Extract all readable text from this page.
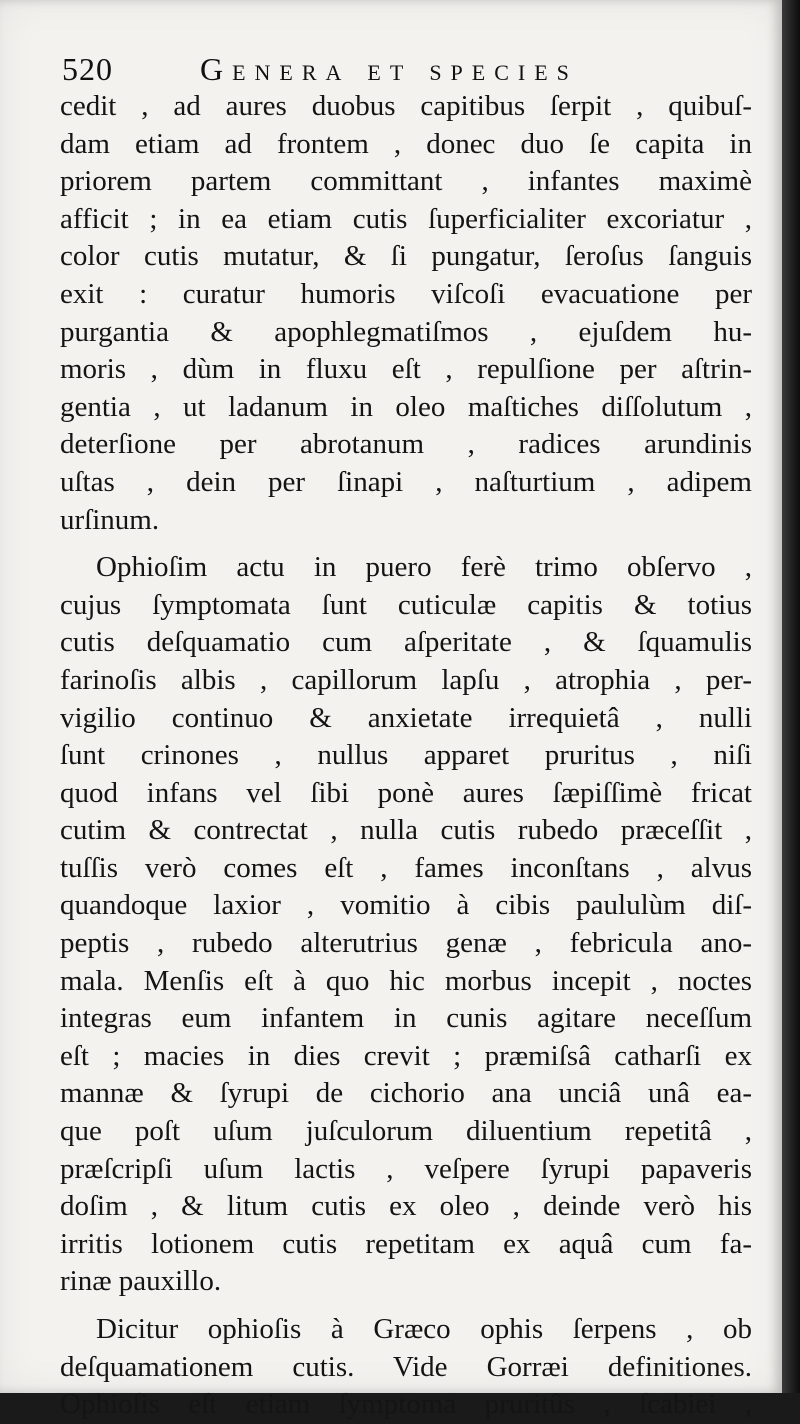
520	Genera et species
cedit , ad aures duobus capitibus ſerpit , quibuſ-
dam etiam ad frontem , donec duo ſe capita in
priorem partem committant , infantes maximè
afficit ; in ea etiam cutis ſuperficialiter excoriatur ,
color cutis mutatur, & ſi pungatur, ſeroſus ſanguis
exit : curatur humoris viſcoſi evacuatione per
purgantia & apophlegmatiſmos , ejuſdem hu-
moris , dùm in fluxu eſt , repulſione per aſtrin-
gentia , ut ladanum in oleo maſtiches diſſolutum ,
deterſione per abrotanum , radices arundinis
uſtas , dein per ſinapi , naſturtium , adipem
urſinum.
Ophioſim actu in puero ferè trimo obſervo ,
cujus ſymptomata ſunt cuticulæ capitis & totius
cutis deſquamatio cum aſperitate , & ſquamulis
farinoſis albis , capillorum lapſu , atrophia , per-
vigilio continuo & anxietate irrequietâ , nulli
ſunt crinones , nullus apparet pruritus , niſi
quod infans vel ſibi ponè aures ſæpiſſimè fricat
cutim & contrectat , nulla cutis rubedo præceſſit ,
tuſſis verò comes eſt , fames inconſtans , alvus
quandoque laxior , vomitio à cibis paululùm diſ-
peptis , rubedo alterutrius genæ , febricula ano-
mala. Menſis eſt à quo hic morbus incepit , noctes
integras eum infantem in cunis agitare neceſſum
eſt ; macies in dies crevit ; præmiſsâ catharſi ex
mannæ & ſyrupi de cichorio ana unciâ unâ ea-
que poſt uſum juſculorum diluentium repetitâ ,
præſcripſi uſum lactis , veſpere ſyrupi papaveris
doſim , & litum cutis ex oleo , deinde verò his
irritis lotionem cutis repetitam ex aquâ cum fa-
rinæ pauxillo.
Dicitur ophioſis à Græco ophis ſerpens , ob
deſquamationem cutis. Vide Gorræi definitiones.
Ophioſis eſt etiam ſymptoma pruritûs , ſcabiei ,
